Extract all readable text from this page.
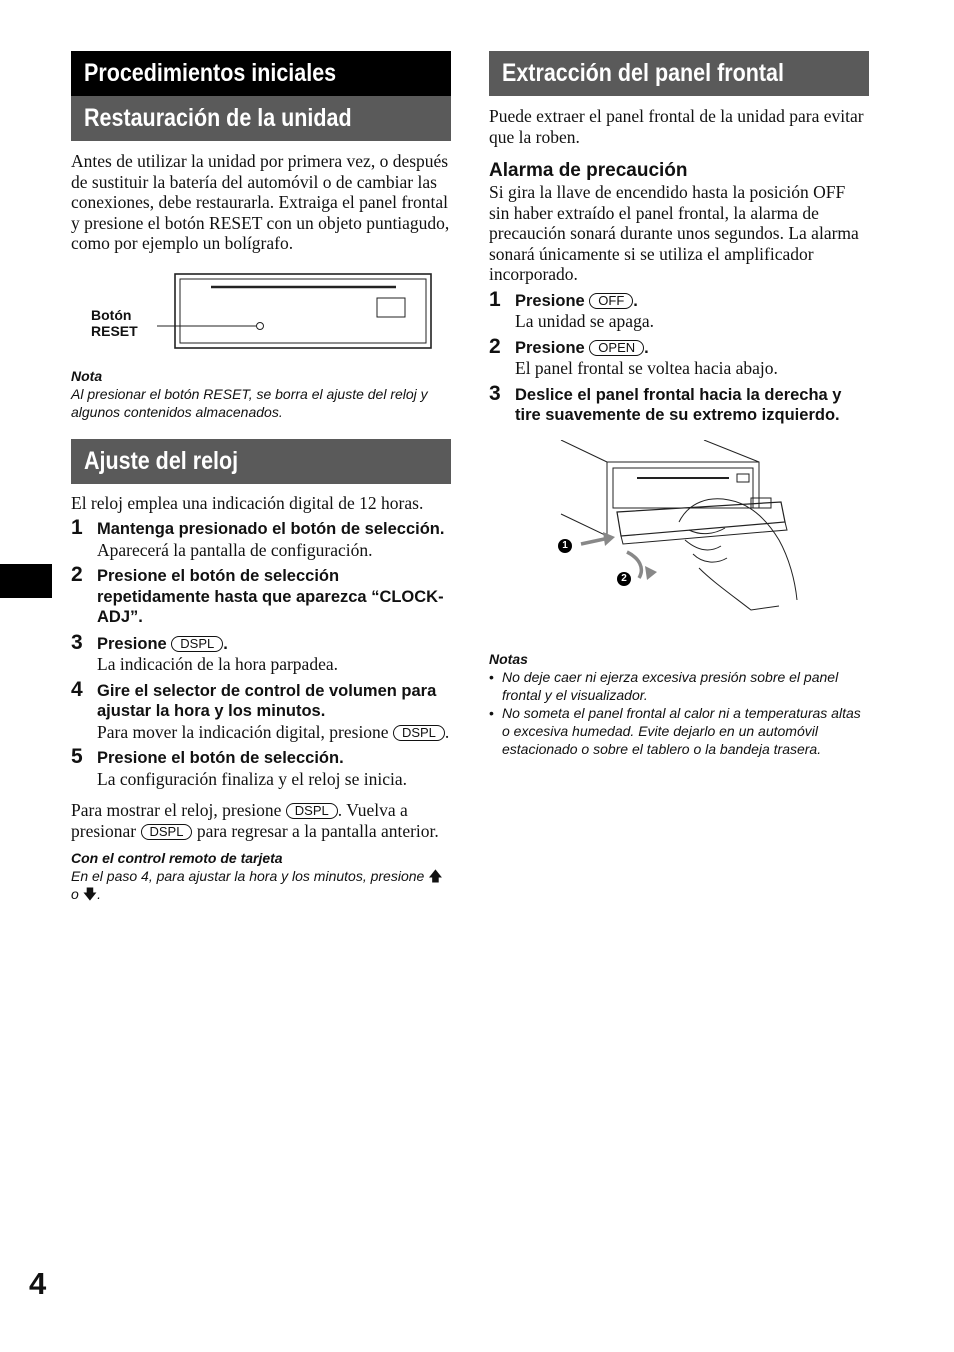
Procedimientos iniciales
Restauración de la unidad
Antes de utilizar la unidad por primera vez, o después de sustituir la batería del automóvil o de cambiar las conexiones, debe restaurarla. Extraiga el panel frontal y presione el botón RESET con un objeto puntiagudo, como por ejemplo un bolígrafo.
Botón
RESET
Nota
Al presionar el botón RESET, se borra el ajuste del reloj y algunos contenidos almacenados.
Ajuste del reloj
El reloj emplea una indicación digital de 12 horas.
1 Mantenga presionado el botón de selección.
Aparecerá la pantalla de configuración.
2 Presione el botón de selección repetidamente hasta que aparezca “CLOCK-ADJ”.
3 Presione DSPL .
La indicación de la hora parpadea.
4 Gire el selector de control de volumen para ajustar la hora y los minutos.
Para mover la indicación digital, presione DSPL .
5 Presione el botón de selección.
La configuración finaliza y el reloj se inicia.
Para mostrar el reloj, presione DSPL . Vuelva a presionar DSPL para regresar a la pantalla anterior.
Con el control remoto de tarjeta
En el paso 4, para ajustar la hora y los minutos, presione 🡅 o 🡇.
Extracción del panel frontal
Puede extraer el panel frontal de la unidad para evitar que la roben.
Alarma de precaución
Si gira la llave de encendido hasta la posición OFF sin haber extraído el panel frontal, la alarma de precaución sonará durante unos segundos. La alarma sonará únicamente si se utiliza el amplificador incorporado.
1 Presione OFF .
La unidad se apaga.
2 Presione OPEN .
El panel frontal se voltea hacia abajo.
3 Deslice el panel frontal hacia la derecha y tire suavemente de su extremo izquierdo.
1
2
Notas
• No deje caer ni ejerza excesiva presión sobre el panel frontal y el visualizador.
• No someta el panel frontal al calor ni a temperaturas altas o excesiva humedad. Evite dejarlo en un automóvil estacionado o sobre el tablero o la bandeja trasera.
4
